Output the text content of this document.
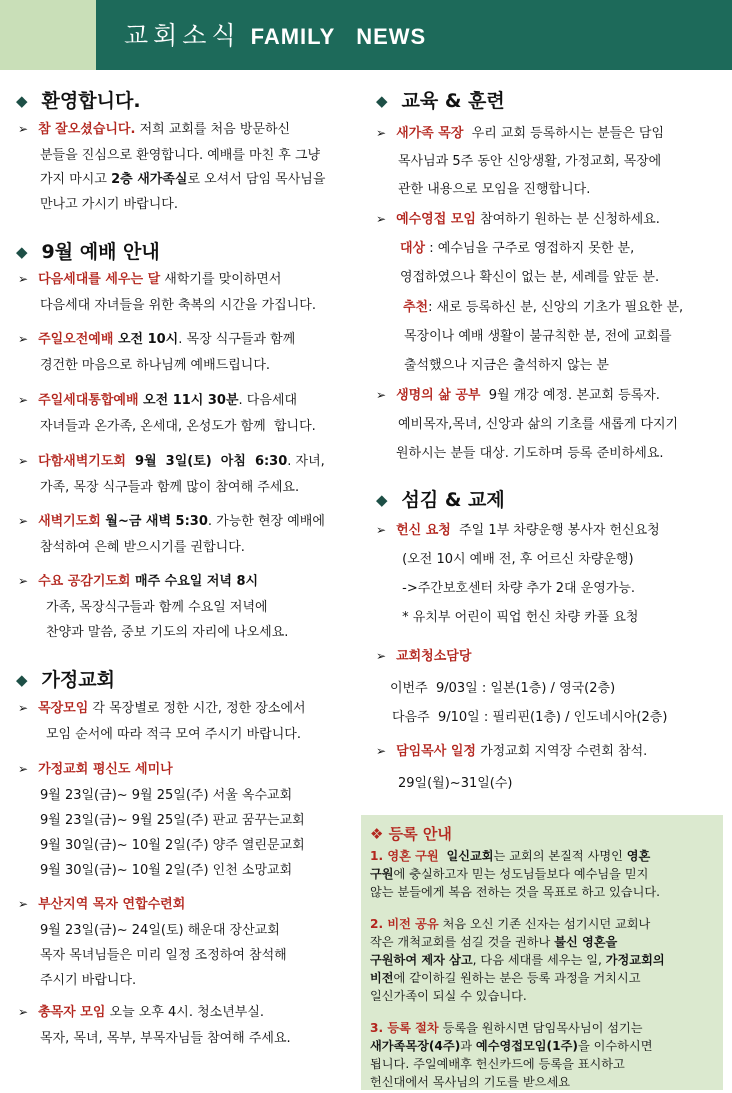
교회소식 FAMILY   NEWS
❖ 등록 안내
1. 영혼 구원 일신교회는 교회의 본질적 사명인 영혼
구원에 충실하고자 믿는 성도님들보다 예수님을 믿지
않는 분들에게 복음 전하는 것을 목표로 하고 있습니다.
2. 비전 공유 처음 오신 기존 신자는 섬기시던 교회나
작은 개척교회를 섬길 것을 권하나 불신 영혼을
구원하여 제자 삼고, 다음 세대를 세우는 일, 가정교회의
비전에 같이하길 원하는 분은 등록 과정을 거치시고
일신가족이 되실 수 있습니다.
3. 등록 절차 등록을 원하시면 담임목사님이 섬기는
새가족목장(4주)과 예수영접모임(1주)을 이수하시면
됩니다. 주일예배후 헌신카드에 등록을 표시하고
헌신대에서 목사님의 기도를 받으세요
◆ 환영합니다.
➢ 참 잘오셨습니다. 저희 교회를 처음 방문하신
분들을 진심으로 환영합니다. 예배를 마친 후 그냥
가지 마시고 2층 새가족실로 오셔서 담임 목사님을
만나고 가시기 바랍니다.
◆ 9월 예배 안내
➢ 다음세대를 세우는 달 새학기를 맞이하면서
다음세대 자녀들을 위한 축복의 시간을 가집니다.
➢ 주일오전예배 오전 10시. 목장 식구들과 함께
경건한 마음으로 하나님께 예배드립니다.
➢ 주일세대통합예배 오전 11시 30분. 다음세대
자녀들과 온가족, 온세대, 온성도가 함께  합니다.
➢ 다함새벽기도회  9월  3일(토)  아침  6:30. 자녀,
가족, 목장 식구들과 함께 많이 참여해 주세요.
➢ 새벽기도회 월~금 새벽 5:30. 가능한 현장 예배에
참석하여 은혜 받으시기를 권합니다.
➢ 수요 공감기도회 매주 수요일 저녁 8시
가족, 목장식구들과 함께 수요일 저녁에
찬양과 말씀, 중보 기도의 자리에 나오세요.
◆ 가정교회
➢ 목장모임 각 목장별로 정한 시간, 정한 장소에서
모임 순서에 따라 적극 모여 주시기 바랍니다.
➢ 가정교회 평신도 세미나
9월 23일(금)~ 9월 25일(주) 서울 옥수교회
9월 23일(금)~ 9월 25일(주) 판교 꿈꾸는교회
9월 30일(금)~ 10월 2일(주) 양주 열린문교회
9월 30일(금)~ 10월 2일(주) 인천 소망교회
➢ 부산지역 목자 연합수련회
9월 23일(금)~ 24일(토) 해운대 장산교회
목자 목녀님들은 미리 일정 조정하여 참석해
주시기 바랍니다.
➢ 총목자 모임 오늘 오후 4시. 청소년부실.
목자, 목녀, 목부, 부목자님들 참여해 주세요.
◆ 교육 & 훈련
➢ 새가족 목장  우리 교회 등록하시는 분들은 담임
목사님과 5주 동안 신앙생활, 가정교회, 목장에
관한 내용으로 모임을 진행합니다.
➢ 예수영접 모임 참여하기 원하는 분 신청하세요.
대상 : 예수님을 구주로 영접하지 못한 분,
영접하였으나 확신이 없는 분, 세례를 앞둔 분.
추천: 새로 등록하신 분, 신앙의 기초가 필요한 분,
목장이나 예배 생활이 불규칙한 분, 전에 교회를
출석했으나 지금은 출석하지 않는 분
➢ 생명의 삶 공부  9월 개강 예정. 본교회 등록자.
예비목자,목녀, 신앙과 삶의 기초를 새롭게 다지기
원하시는 분들 대상. 기도하며 등록 준비하세요.
◆ 섬김 & 교제
➢ 헌신 요청  주일 1부 차량운행 봉사자 헌신요청
(오전 10시 예배 전, 후 어르신 차량운행)
->주간보호센터 차량 추가 2대 운영가능.
* 유치부 어린이 픽업 헌신 차량 카풀 요청
➢ 교회청소담당
이번주  9/03일 : 일본(1층) / 영국(2층)
다음주  9/10일 : 필리핀(1층) / 인도네시아(2층)
➢ 담임목사 일정 가정교회 지역장 수련회 참석.
29일(월)~31일(수)
